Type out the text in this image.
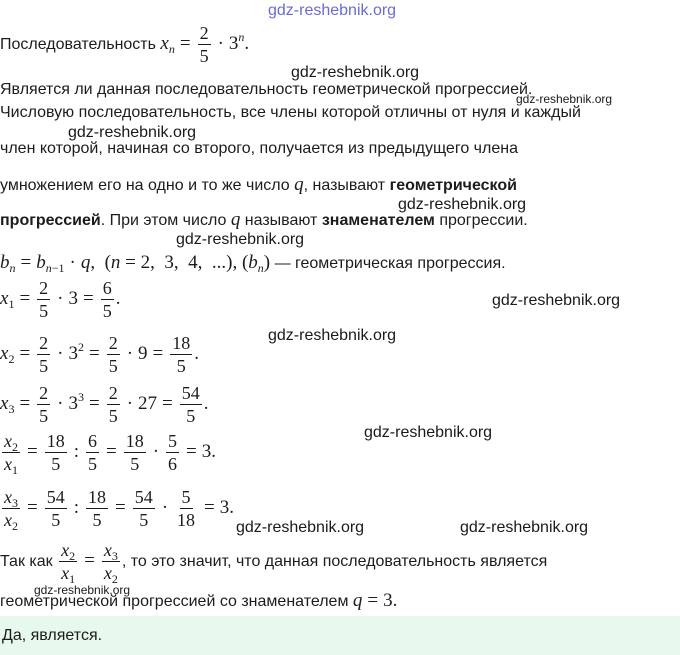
gdz-reshebnik.org
gdz-reshebnik.org
gdz-reshebnik.org
gdz-reshebnik.org
gdz-reshebnik.org
gdz-reshebnik.org
gdz-reshebnik.org
gdz-reshebnik.org
gdz-reshebnik.org
gdz-reshebnik.org	gdz-reshebnik.org
gdz-reshebnik.org
Последовательность $x_n = \frac{2}{5} \cdot 3^n$.
Является ли данная последовательность геометрической прогрессией.
Числовую последовательность, все члены которой отличны от нуля и каждый
член которой, начиная со второго, получается из предыдущего члена
умножением его на одно и то же число q, называют геометрической
прогрессией. При этом число q называют знаменателем прогрессии.
$b_n = b_{n-1} \cdot q$,  (n = 2,  3,  4,  ...), $(b_n)$ — геометрическая прогрессия.
$x_1 = \frac{2}{5} \cdot 3 = \frac{6}{5}$ .
$x_2 = \frac{2}{5} \cdot 3^2 = \frac{2}{5} \cdot 9 = \frac{18}{5}$ .
$x_3 = \frac{2}{5} \cdot 3^3 = \frac{2}{5} \cdot 27 = \frac{54}{5}$ .
$\frac{x_2}{x_1} = \frac{18}{5}$ : $\frac{6}{5} = \frac{18}{5} \cdot \frac{5}{6} = 3$.
$\frac{x_3}{x_2} = \frac{54}{5}$ : $\frac{18}{5} = \frac{54}{5} \cdot \frac{5}{18} = 3$.
Так как $\frac{x_2}{x_1} = \frac{x_3}{x_2}$ , то это значит, что данная последовательность является
геометрической прогрессией со знаменателем q = 3.
Да, является.
